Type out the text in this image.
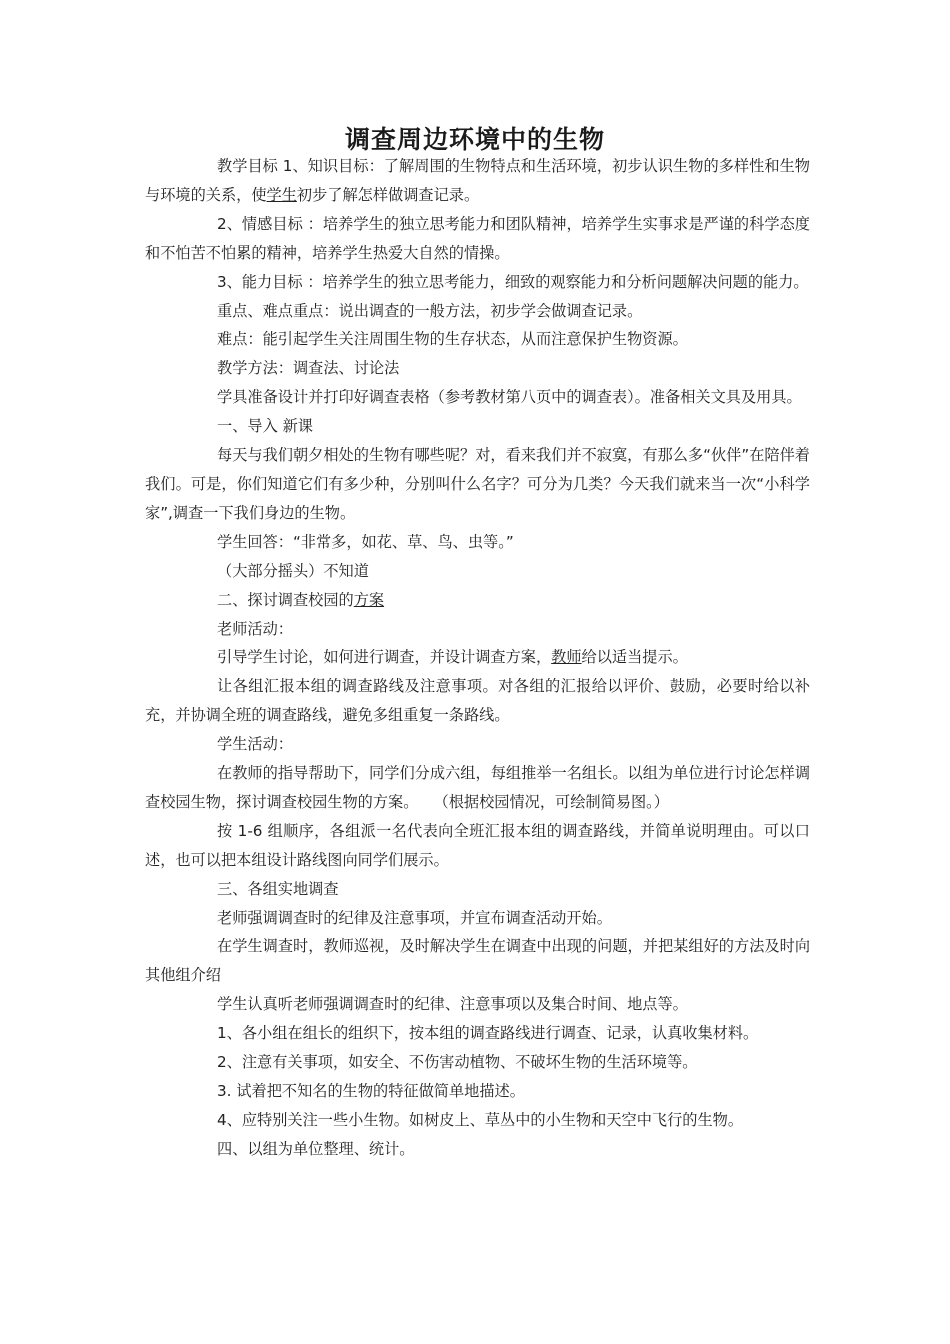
调查周边环境中的生物

教学目标 1、知识目标：了解周围的生物特点和生活环境，初步认识生物的多样性和生物与环境的关系，使学生初步了解怎样做调查记录。

2、情感目标 ：培养学生的独立思考能力和团队精神，培养学生实事求是严谨的科学态度和不怕苦不怕累的精神，培养学生热爱大自然的情操。

3、能力目标 ：培养学生的独立思考能力，细致的观察能力和分析问题解决问题的能力。

重点、难点重点：说出调查的一般方法，初步学会做调查记录。

难点：能引起学生关注周围生物的生存状态，从而注意保护生物资源。

教学方法：调查法、讨论法

学具准备设计并打印好调查表格（参考教材第八页中的调查表）。准备相关文具及用具。

一、导入 新课

每天与我们朝夕相处的生物有哪些呢？对，看来我们并不寂寞，有那么多“伙伴”在陪伴着我们。可是，你们知道它们有多少种，分别叫什么名字？可分为几类？今天我们就来当一次“小科学家”,调查一下我们身边的生物。

学生回答：“非常多，如花、草、鸟、虫等。”

（大部分摇头）不知道

二、探讨调查校园的方案

老师活动：

引导学生讨论，如何进行调查，并设计调查方案，教师给以适当提示。

让各组汇报本组的调查路线及注意事项。对各组的汇报给以评价、鼓励，必要时给以补充，并协调全班的调查路线，避免多组重复一条路线。

学生活动：

在教师的指导帮助下，同学们分成六组，每组推举一名组长。以组为单位进行讨论怎样调查校园生物，探讨调查校园生物的方案。　　（根据校园情况，可绘制简易图。）

按 1-6 组顺序，各组派一名代表向全班汇报本组的调查路线，并简单说明理由。可以口述，也可以把本组设计路线图向同学们展示。

三、各组实地调查

老师强调调查时的纪律及注意事项，并宣布调查活动开始。

在学生调查时，教师巡视，及时解决学生在调查中出现的问题，并把某组好的方法及时向其他组介绍

学生认真听老师强调调查时的纪律、注意事项以及集合时间、地点等。

1、各小组在组长的组织下，按本组的调查路线进行调查、记录，认真收集材料。

2、注意有关事项，如安全、不伤害动植物、不破坏生物的生活环境等。

3. 试着把不知名的生物的特征做简单地描述。

4、应特别关注一些小生物。如树皮上、草丛中的小生物和天空中飞行的生物。

四、以组为单位整理、统计。
